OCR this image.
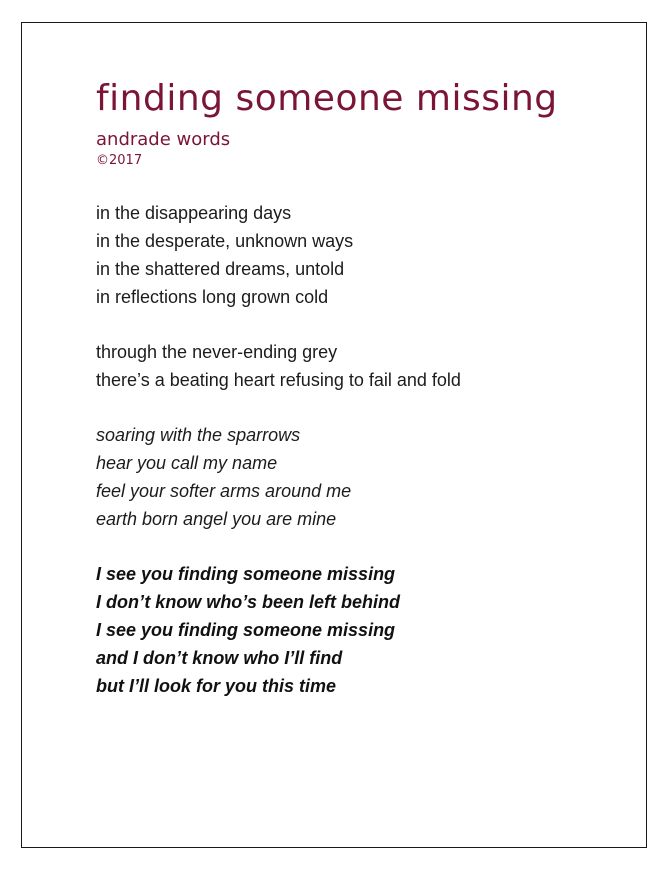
finding someone missing
andrade words
©2017
in the disappearing days
in the desperate, unknown ways
in the shattered dreams, untold
in reflections long grown cold
through the never-ending grey
there’s a beating heart refusing to fail and fold
soaring with the sparrows
hear you call my name
feel your softer arms around me
earth born angel you are mine
I see you finding someone missing
I don’t know who’s been left behind
I see you finding someone missing
and I don’t know who I’ll find
but I’ll look for you this time
